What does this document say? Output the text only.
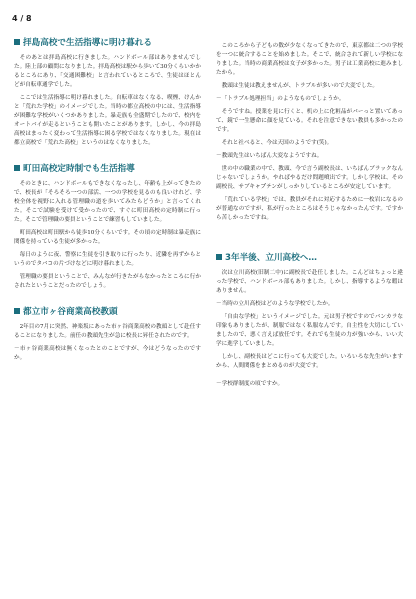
4 / 8
拝島高校で生活指導に明け暮れる

そのあとは拝島高校に行きました。ハンドボール部はありませんでした。陸上部の顧問になりました。拝島高校は駅から歩いて30分くらいかかるところにあり、「交通困難校」と言われているところで、生徒はほとんどが自転車通学でした。

ここでは生活指導に明け暮れました。自転車はなくなる、喫煙、けんかと「荒れた学校」のイメージでした。当時の都立高校の中には、生活指導が困難な学校がいくつかありました。暴走族も全盛期でしたので、校内をオートバイが走るということも開いたことがあります。しかし、今の拝島高校はまったく変わって生活指導に困る学校ではなくなりました。現在は都立高校で「荒れた高校」というのはなくなりました。

町田高校定時制でも生活指導

そのときに、ハンドボールもできなくなったし、年齢も上がってきたので、校長が「そろそろ一つの部活、一つの学校を見るのも良いけれど、学校全体を視野に入れる管理職の道を歩いてみたらどうか」と言ってくれた。そこで試験を受けて受かったので、すぐに町田高校の定時制に行った。そこで管理職の要員ということで練習もしていました。

町田高校は町田駅から徒歩10分くらいです。その頃の定時制は暴走族に関係を持っている生徒が多かった。

毎日のように夜、警察に生徒を引き取りに行ったり、近隣を再ずからというのでタバコの片づけなどに明け暮れました。

管理職の要員ということで、みんなが行きたがらなかったところに行かされたということだったのでしょう。

都立市ヶ谷商業高校教頭

2年目の7月に突然、神楽坂にあった市ヶ谷商業高校の教頭として赴任することになりました。前任の教頭先生が急に校長に昇任されたのです。

－市ヶ谷商業高校は無くなったとのことですが、今はどうなったのですか。

このころから子どもの数が少なくなってきたので、東京都は二つの学校を一つに統合することを始めました。そこで、統合されて新しい学校になりました。当時の商業高校は女子が多かった。男子は工業高校に進みましたから。

教頭は生徒は教えませんが、トラブルが多いので大変でした。

－「トラブル処理担当」のようなものでしょうか。

そうですね。授業を見に行くと、机の上に化粧品がバーっと置いてあって、鏡で一生懸命に顔を見ている。それを注意できない教員も多かったのです。

それと社べると、今は天国のようです(笑)。

－教頭先生はいちばん大変なようですね。

世の中の職業の中で、教頭、今で言う副校長は、いちばんブラックなんじゃないでしょうか。やればやるだけ問題噴出です。しかし学校は、その副校長、サブキャプテンがしっかりしているところが安定しています。

「荒れている学校」では、教員がそれに対応するために一枚岩になるのが普通なのですが、私が行ったところはそうじゃなかったんです。ですから苦しかったですね。

3年半後、立川高校へ…

次は立川高校(旧制二中)に副校長で赴任しました。こんどはちょっと違った学校で、ハンドボール部もありました。しかし、指導するような暇はありません。

－当時の立川高校はどのような学校でしたか。

「自由な学校」というイメージでした。元は男子校ですのでバンカラな印象もありましたが、制服ではなく私服なんです。自主性を大切にしていましたので、悪く言えば放任です。それでも生徒の力が強いから、いい大学に進学していました。

しかし、副校長はどこに行っても大変でした。いろいろな先生がいますから、人間関係をまとめるのが大変です。

－学校群制度の頃ですか。
